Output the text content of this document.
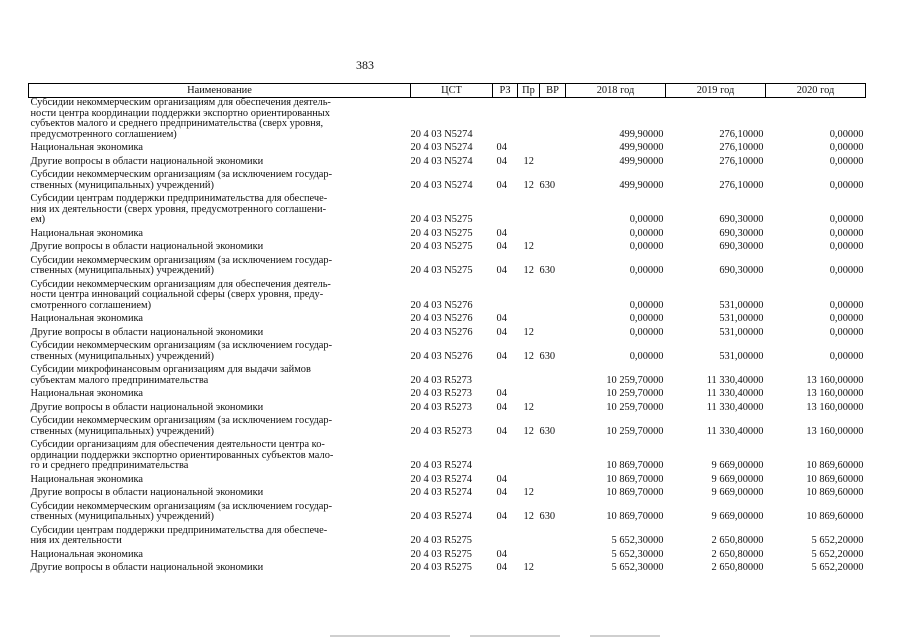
383
Наименование	ЦСТ	РЗ	Пр	ВР	2018 год	2019 год	2020 год
Субсидии некоммерческим организациям для обеспечения деятель-
ности центра координации поддержки экспортно ориентированных
субъектов малого и среднего предпринимательства (сверх уровня,
предусмотренного соглашением)	20 4 03 N5274				499,90000	276,10000	0,00000
Национальная экономика	20 4 03 N5274	04			499,90000	276,10000	0,00000
Другие вопросы в области национальной экономики	20 4 03 N5274	04	12		499,90000	276,10000	0,00000
Субсидии некоммерческим организациям (за исключением государ-
ственных (муниципальных) учреждений)	20 4 03 N5274	04	12	630	499,90000	276,10000	0,00000
Субсидии центрам поддержки предпринимательства для обеспече-
ния их деятельности (сверх уровня, предусмотренного соглашени-
ем)	20 4 03 N5275				0,00000	690,30000	0,00000
Национальная экономика	20 4 03 N5275	04			0,00000	690,30000	0,00000
Другие вопросы в области национальной экономики	20 4 03 N5275	04	12		0,00000	690,30000	0,00000
Субсидии некоммерческим организациям (за исключением государ-
ственных (муниципальных) учреждений)	20 4 03 N5275	04	12	630	0,00000	690,30000	0,00000
Субсидии некоммерческим организациям для обеспечения деятель-
ности центра инноваций социальной сферы (сверх уровня, преду-
смотренного соглашением)	20 4 03 N5276				0,00000	531,00000	0,00000
Национальная экономика	20 4 03 N5276	04			0,00000	531,00000	0,00000
Другие вопросы в области национальной экономики	20 4 03 N5276	04	12		0,00000	531,00000	0,00000
Субсидии некоммерческим организациям (за исключением государ-
ственных (муниципальных) учреждений)	20 4 03 N5276	04	12	630	0,00000	531,00000	0,00000
Субсидии микрофинансовым организациям для выдачи займов
субъектам малого предпринимательства	20 4 03 R5273				10 259,70000	11 330,40000	13 160,00000
Национальная экономика	20 4 03 R5273	04			10 259,70000	11 330,40000	13 160,00000
Другие вопросы в области национальной экономики	20 4 03 R5273	04	12		10 259,70000	11 330,40000	13 160,00000
Субсидии некоммерческим организациям (за исключением государ-
ственных (муниципальных) учреждений)	20 4 03 R5273	04	12	630	10 259,70000	11 330,40000	13 160,00000
Субсидии организациям для обеспечения деятельности центра ко-
ординации поддержки экспортно ориентированных субъектов мало-
го и среднего предпринимательства	20 4 03 R5274				10 869,70000	9 669,00000	10 869,60000
Национальная экономика	20 4 03 R5274	04			10 869,70000	9 669,00000	10 869,60000
Другие вопросы в области национальной экономики	20 4 03 R5274	04	12		10 869,70000	9 669,00000	10 869,60000
Субсидии некоммерческим организациям (за исключением государ-
ственных (муниципальных) учреждений)	20 4 03 R5274	04	12	630	10 869,70000	9 669,00000	10 869,60000
Субсидии центрам поддержки предпринимательства для обеспече-
ния их деятельности	20 4 03 R5275				5 652,30000	2 650,80000	5 652,20000
Национальная экономика	20 4 03 R5275	04			5 652,30000	2 650,80000	5 652,20000
Другие вопросы в области национальной экономики	20 4 03 R5275	04	12		5 652,30000	2 650,80000	5 652,20000
